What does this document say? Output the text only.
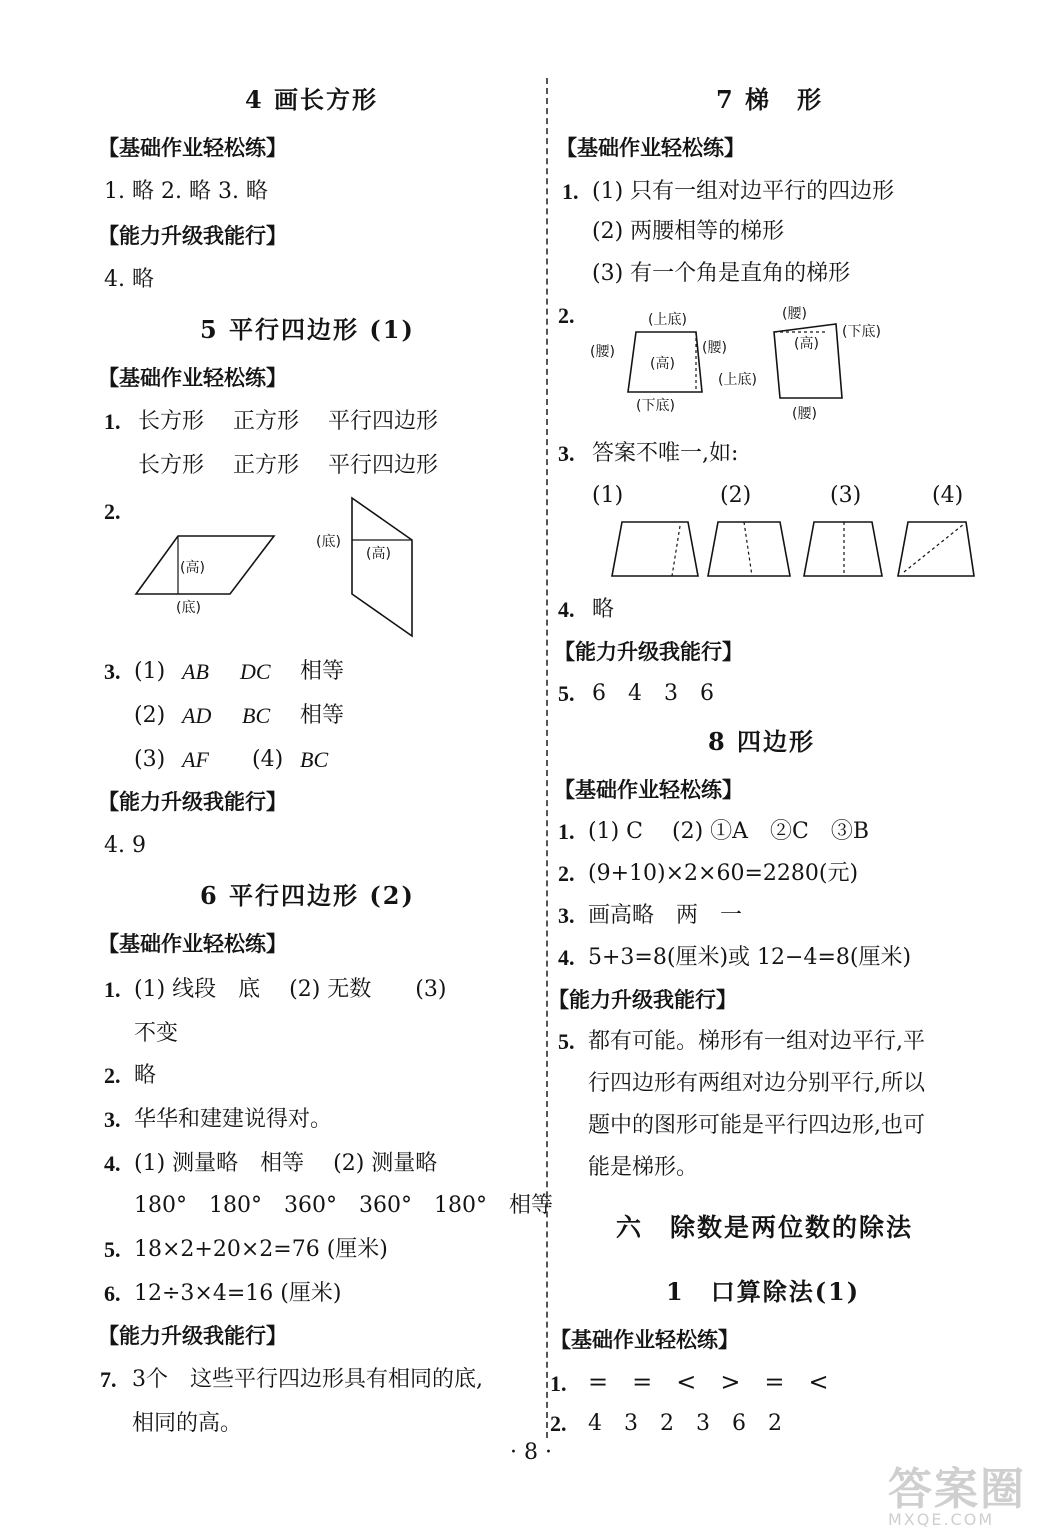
4 画长方形
【基础作业轻松练】
1. 略 2. 略 3. 略
【能力升级我能行】
4. 略
5 平行四边形 (1)
【基础作业轻松练】
1. 长方形　 正方形　 平行四边形
长方形　 正方形　 平行四边形
2.
(高)
(底)
(底)
(高)
3. (1) AB DC 相等
(2) AD BC 相等
(3) AF (4) BC
【能力升级我能行】
4. 9
6 平行四边形 (2)
【基础作业轻松练】
1. (1) 线段　底　 (2) 无数　　(3)
不变
2. 略
3. 华华和建建说得对。
4. (1) 测量略　相等　 (2) 测量略
180°　180°　360°　360°　180°　相等
5. 18×2+20×2=76 (厘米)
6. 12÷3×4=16 (厘米)
【能力升级我能行】
7. 3个　这些平行四边形具有相同的底,
相同的高。
7 梯　形
【基础作业轻松练】
1. (1) 只有一组对边平行的四边形
(2) 两腰相等的梯形
(3) 有一个角是直角的梯形
2.	(上底)
(腰)
(高)
(腰)
(下底)
(腰)
(高)
(下底)
(上底)
(腰)
3. 答案不唯一,如:
(1)	(2)	(3)	(4)
4. 略
【能力升级我能行】
5. 6　4　3　6
8 四边形
【基础作业轻松练】
1. (1) C　 (2) ①A　②C　③B
2. (9+10)×2×60=2280(元)
3. 画高略　两　一
4. 5+3=8(厘米)或 12−4=8(厘米)
【能力升级我能行】
5. 都有可能。梯形有一组对边平行,平
行四边形有两组对边分别平行,所以
题中的图形可能是平行四边形,也可
能是梯形。
六　除数是两位数的除法
1　口算除法(1)
【基础作业轻松练】
1. =　=　<　>　=　<
2. 4　3　2　3　6　2
· 8 ·
答案圈
MXQE.COM
